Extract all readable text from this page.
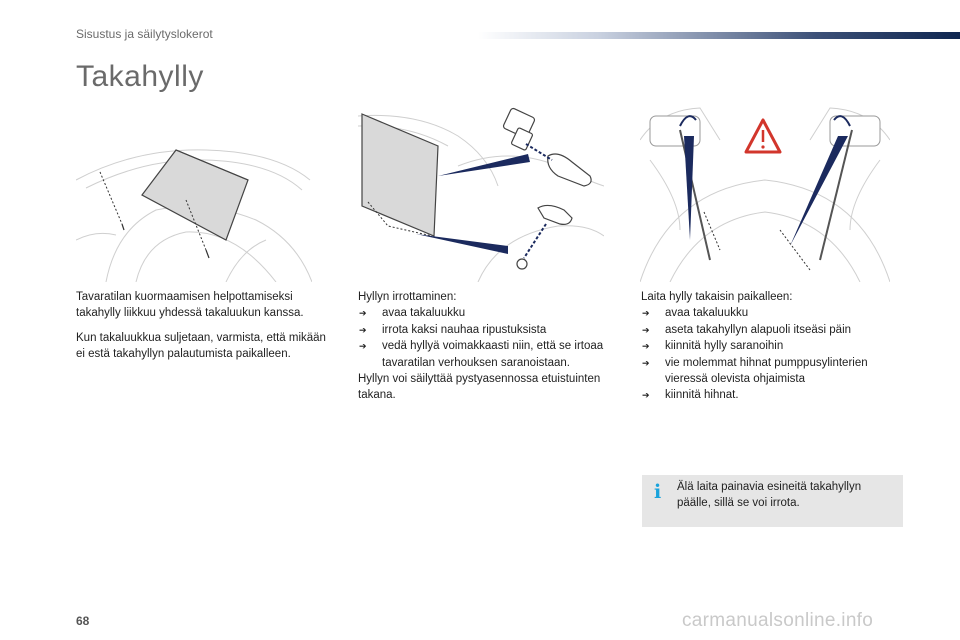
Sisustus ja säilytyslokerot
Takahylly

Tavaratilan kuormaamisen helpottamiseksi takahylly liikkuu yhdessä takaluukun kanssa.

Kun takaluukkua suljetaan, varmista, että mikään ei estä takahyllyn palautumista paikalleen.

Hyllyn irrottaminen:
➔ avaa takaluukku
➔ irrota kaksi nauhaa ripustuksista
➔ vedä hyllyä voimakkaasti niin, että se irtoaa tavaratilan verhouksen saranoistaan.
Hyllyn voi säilyttää pystyasennossa etuistuinten takana.
Laita hylly takaisin paikalleen:
➔ avaa takaluukku
➔ aseta takahyllyn alapuoli itseäsi päin
➔ kiinnitä hylly saranoihin
➔ vie molemmat hihnat pumppusylinterien vieressä olevista ohjaimista
➔ kiinnitä hihnat.
i Älä laita painavia esineitä takahyllyn päälle, sillä se voi irrota.
68	carmanualsonline.info
